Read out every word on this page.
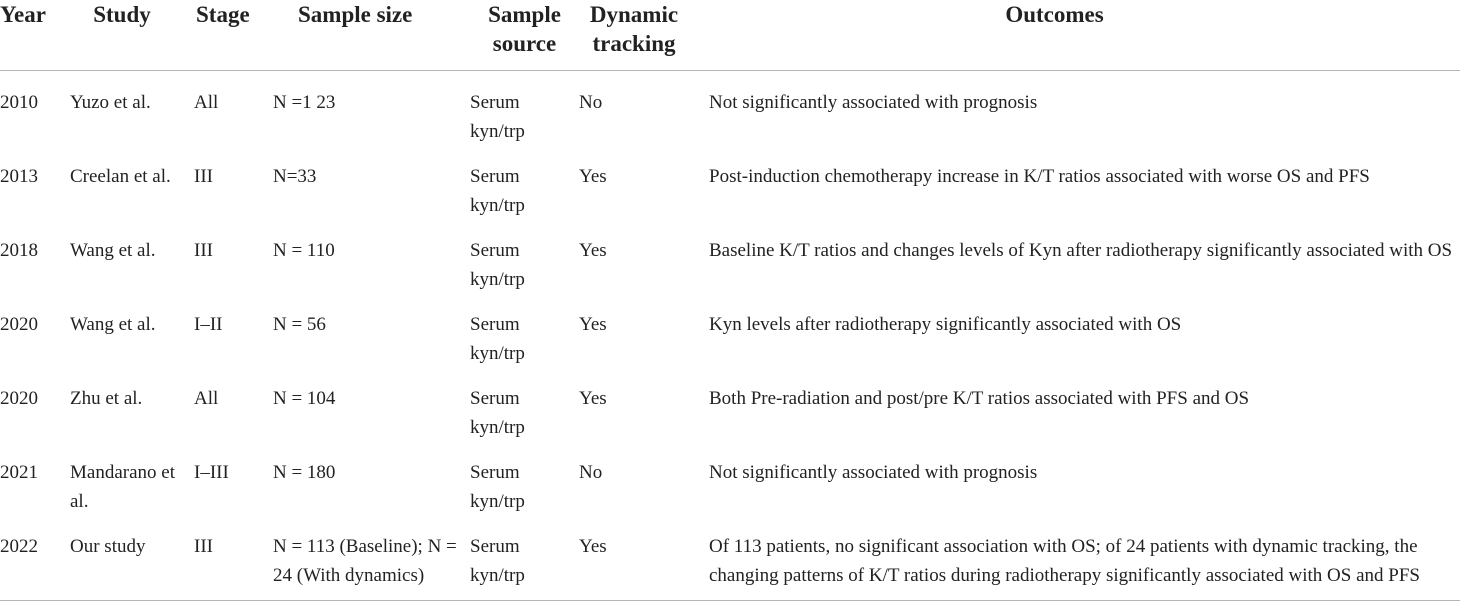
Year	Study	Stage	Sample size	Sample source	Dynamic tracking	Outcomes
2010	Yuzo et al.	All	N =1 23	Serum kyn/trp	No	Not significantly associated with prognosis
2013	Creelan et al.	III	N=33	Serum kyn/trp	Yes	Post-induction chemotherapy increase in K/T ratios associated with worse OS and PFS
2018	Wang et al.	III	N = 110	Serum kyn/trp	Yes	Baseline K/T ratios and changes levels of Kyn after radiotherapy significantly associated with OS
2020	Wang et al.	I–II	N = 56	Serum kyn/trp	Yes	Kyn levels after radiotherapy significantly associated with OS
2020	Zhu et al.	All	N = 104	Serum kyn/trp	Yes	Both Pre-radiation and post/pre K/T ratios associated with PFS and OS
2021	Mandarano et al.	I–III	N = 180	Serum kyn/trp	No	Not significantly associated with prognosis
2022	Our study	III	N = 113 (Baseline); N = 24 (With dynamics)	Serum kyn/trp	Yes	Of 113 patients, no significant association with OS; of 24 patients with dynamic tracking, the changing patterns of K/T ratios during radiotherapy significantly associated with OS and PFS
